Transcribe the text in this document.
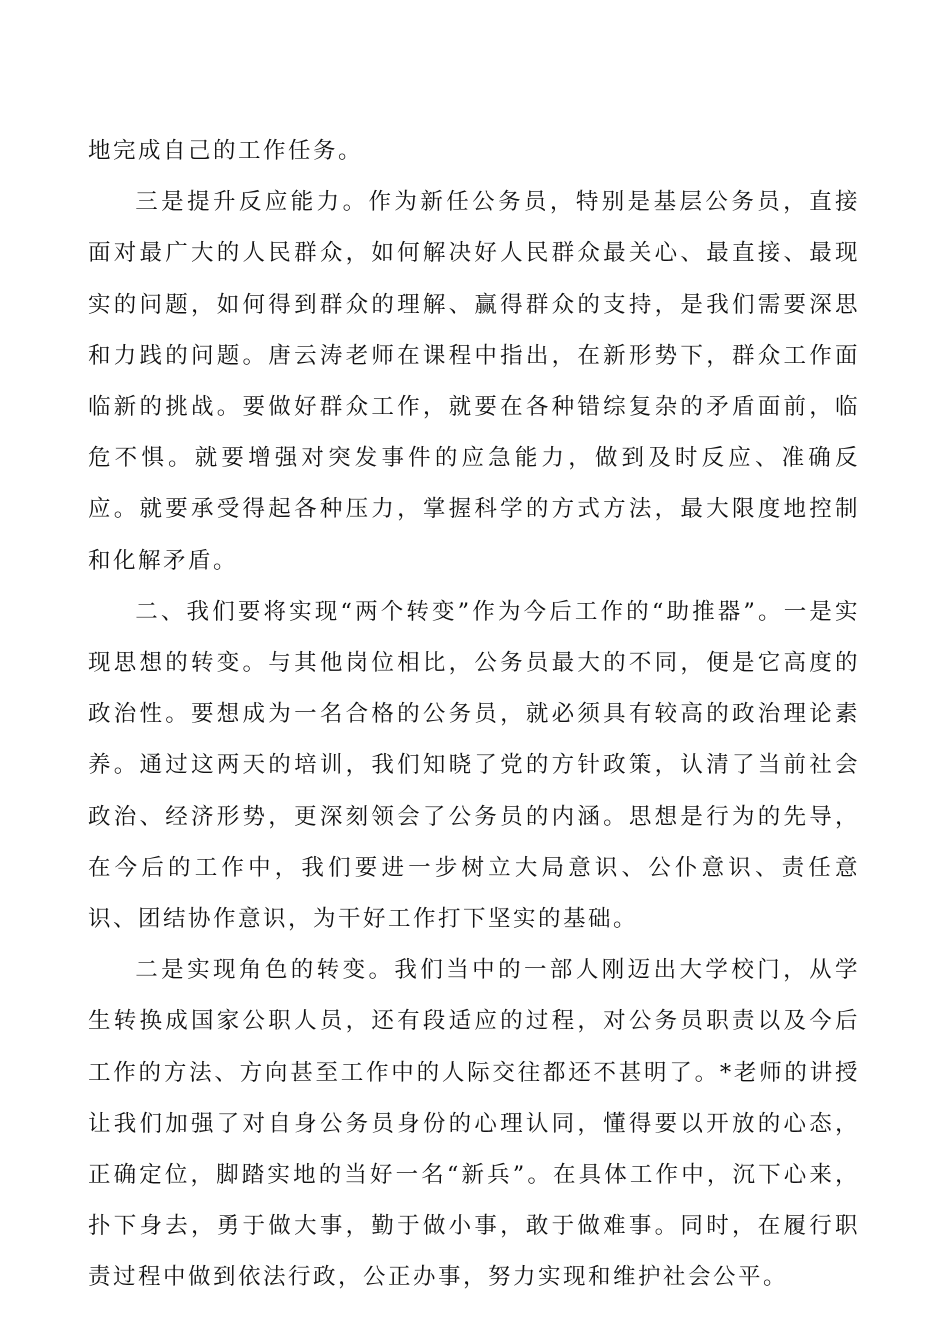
地完成自己的工作任务。

三是提升反应能力。作为新任公务员，特别是基层公务员，直接面对最广大的人民群众，如何解决好人民群众最关心、最直接、最现实的问题，如何得到群众的理解、赢得群众的支持，是我们需要深思和力践的问题。唐云涛老师在课程中指出，在新形势下，群众工作面临新的挑战。要做好群众工作，就要在各种错综复杂的矛盾面前，临危不惧。就要增强对突发事件的应急能力，做到及时反应、准确反应。就要承受得起各种压力，掌握科学的方式方法，最大限度地控制和化解矛盾。

二、我们要将实现“两个转变”作为今后工作的“助推器”。一是实现思想的转变。与其他岗位相比，公务员最大的不同，便是它高度的政治性。要想成为一名合格的公务员，就必须具有较高的政治理论素养。通过这两天的培训，我们知晓了党的方针政策，认清了当前社会政治、经济形势，更深刻领会了公务员的内涵。思想是行为的先导，在今后的工作中，我们要进一步树立大局意识、公仆意识、责任意识、团结协作意识，为干好工作打下坚实的基础。

二是实现角色的转变。我们当中的一部人刚迈出大学校门，从学生转换成国家公职人员，还有段适应的过程，对公务员职责以及今后工作的方法、方向甚至工作中的人际交往都还不甚明了。*老师的讲授让我们加强了对自身公务员身份的心理认同，懂得要以开放的心态，正确定位，脚踏实地的当好一名“新兵”。在具体工作中，沉下心来，扑下身去，勇于做大事，勤于做小事，敢于做难事。同时，在履行职责过程中做到依法行政，公正办事，努力实现和维护社会公平。
